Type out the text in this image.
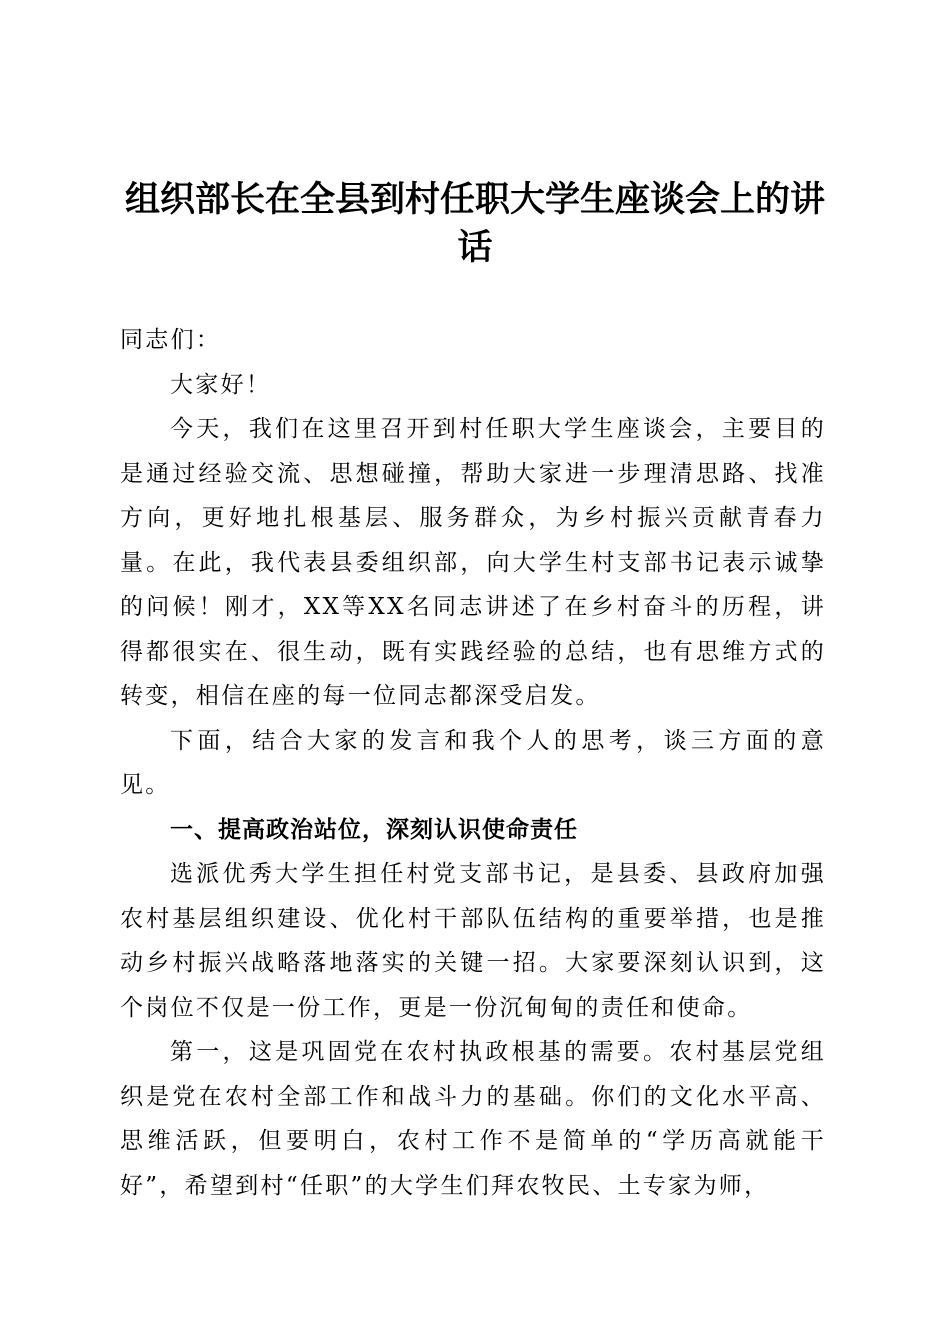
组织部长在全县到村任职大学生座谈会上的讲话

同志们：

大家好！

今天，我们在这里召开到村任职大学生座谈会，主要目的是通过经验交流、思想碰撞，帮助大家进一步理清思路、找准方向，更好地扎根基层、服务群众，为乡村振兴贡献青春力量。在此，我代表县委组织部，向大学生村支部书记表示诚挚的问候！刚才，XX等XX名同志讲述了在乡村奋斗的历程，讲得都很实在、很生动，既有实践经验的总结，也有思维方式的转变，相信在座的每一位同志都深受启发。

下面，结合大家的发言和我个人的思考，谈三方面的意见。

一、提高政治站位，深刻认识使命责任

选派优秀大学生担任村党支部书记，是县委、县政府加强农村基层组织建设、优化村干部队伍结构的重要举措，也是推动乡村振兴战略落地落实的关键一招。大家要深刻认识到，这个岗位不仅是一份工作，更是一份沉甸甸的责任和使命。

第一，这是巩固党在农村执政根基的需要。农村基层党组织是党在农村全部工作和战斗力的基础。你们的文化水平高、思维活跃，但要明白，农村工作不是简单的“学历高就能干好”，希望到村“任职”的大学生们拜农牧民、土专家为师，
